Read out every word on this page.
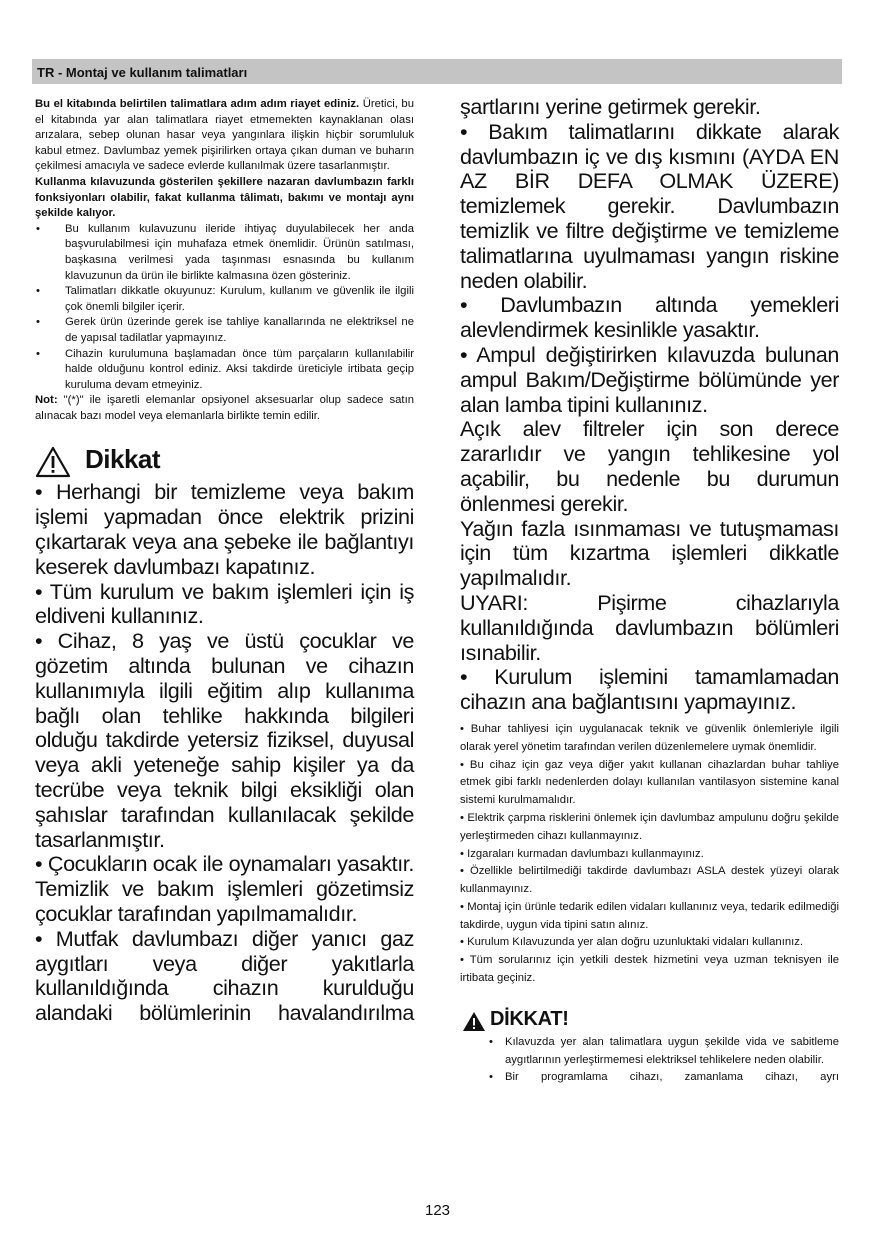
TR - Montaj ve kullanım talimatları

Bu el kitabında belirtilen talimatlara adım adım riayet ediniz. Üretici, bu el kitabında yar alan talimatlara riayet etmemekten kaynaklanan olası arızalara, sebep olunan hasar veya yangınlara ilişkin hiçbir sorumluluk kabul etmez. Davlumbaz yemek pişirilirken ortaya çıkan duman ve buharın çekilmesi amacıyla ve sadece evlerde kullanılmak üzere tasarlanmıştır.

Kullanma kılavuzunda gösterilen şekillere nazaran davlumbazın farklı fonksiyonları olabilir, fakat kullanma tâlimatı, bakımı ve montajı aynı şekilde kalıyor.

• Bu kullanım kulavuzunu ileride ihtiyaç duyulabilecek her anda başvurulabilmesi için muhafaza etmek önemlidir. Ürünün satılması, başkasına verilmesi yada taşınması esnasında bu kullanım klavuzunun da ürün ile birlikte kalmasına özen gösteriniz.
• Talimatları dikkatle okuyunuz: Kurulum, kullanım ve güvenlik ile ilgili çok önemli bilgiler içerir.
• Gerek ürün üzerinde gerek ise tahliye kanallarında ne elektriksel ne de yapısal tadilatlar yapmayınız.
• Cihazin kurulumuna başlamadan önce tüm parçaların kullanılabilir halde olduğunu kontrol ediniz. Aksi takdirde üreticiyle irtibata geçip kuruluma devam etmeyiniz.

Not: "(*)" ile işaretli elemanlar opsiyonel aksesuarlar olup sadece satın alınacak bazı model veya elemanlarla birlikte temin edilir.

Dikkat

• Herhangi bir temizleme veya bakım işlemi yapmadan önce elektrik prizini çıkartarak veya ana şebeke ile bağlantıyı keserek davlumbazı kapatınız.

• Tüm kurulum ve bakım işlemleri için iş eldiveni kullanınız.

• Cihaz, 8 yaş ve üstü çocuklar ve gözetim altında bulunan ve cihazın kullanımıyla ilgili eğitim alıp kullanıma bağlı olan tehlike hakkında bilgileri olduğu takdirde yetersiz fiziksel, duyusal veya akli yeteneğe sahip kişiler ya da tecrübe veya teknik bilgi eksikliği olan şahıslar tarafından kullanılacak şekilde tasarlanmıştır.

• Çocukların ocak ile oynamaları yasaktır. Temizlik ve bakım işlemleri gözetimsiz çocuklar tarafından yapılmamalıdır.

• Mutfak davlumbazı diğer yanıcı gaz aygıtları veya diğer yakıtlarla kullanıldığında cihazın kurulduğu alandaki bölümlerinin havalandırılma

şartlarını yerine getirmek gerekir.

• Bakım talimatlarını dikkate alarak davlumbazın iç ve dış kısmını (AYDA EN AZ BİR DEFA OLMAK ÜZERE) temizlemek gerekir. Davlumbazın temizlik ve filtre değiştirme ve temizleme talimatlarına uyulmaması yangın riskine neden olabilir.

• Davlumbazın altında yemekleri alevlendirmek kesinlikle yasaktır.

• Ampul değiştirirken kılavuzda bulunan ampul Bakım/Değiştirme bölümünde yer alan lamba tipini kullanınız.

Açık alev filtreler için son derece zararlıdır ve yangın tehlikesine yol açabilir, bu nedenle bu durumun önlenmesi gerekir.

Yağın fazla ısınmaması ve tutuşmaması için tüm kızartma işlemleri dikkatle yapılmalıdır.

UYARI: Pişirme cihazlarıyla kullanıldığında davlumbazın bölümleri ısınabilir.

• Kurulum işlemini tamamlamadan cihazın ana bağlantısını yapmayınız.

• Buhar tahliyesi için uygulanacak teknik ve güvenlik önlemleriyle ilgili olarak yerel yönetim tarafından verilen düzenlemelere uymak önemlidir.

• Bu cihaz için gaz veya diğer yakıt kullanan cihazlardan buhar tahliye etmek gibi farklı nedenlerden dolayı kullanılan vantilasyon sistemine kanal sistemi kurulmamalıdır.

• Elektrik çarpma risklerini önlemek için davlumbaz ampulunu doğru şekilde yerleştirmeden cihazı kullanmayınız.

• Izgaraları kurmadan davlumbazı kullanmayınız.

• Özellikle belirtilmediği takdirde davlumbazı ASLA destek yüzeyi olarak kullanmayınız.

• Montaj için ürünle tedarik edilen vidaları kullanınız veya, tedarik edilmediği takdirde, uygun vida tipini satın alınız.

• Kurulum Kılavuzunda yer alan doğru uzunluktaki vidaları kullanınız.

• Tüm sorularınız için yetkili destek hizmetini veya uzman teknisyen ile irtibata geçiniz.

DİKKAT!
• Kılavuzda yer alan talimatlara uygun şekilde vida ve sabitleme aygıtlarının yerleştirmemesi elektriksel tehlikelere neden olabilir.
• Bir programlama cihazı, zamanlama cihazı, ayrı
123
